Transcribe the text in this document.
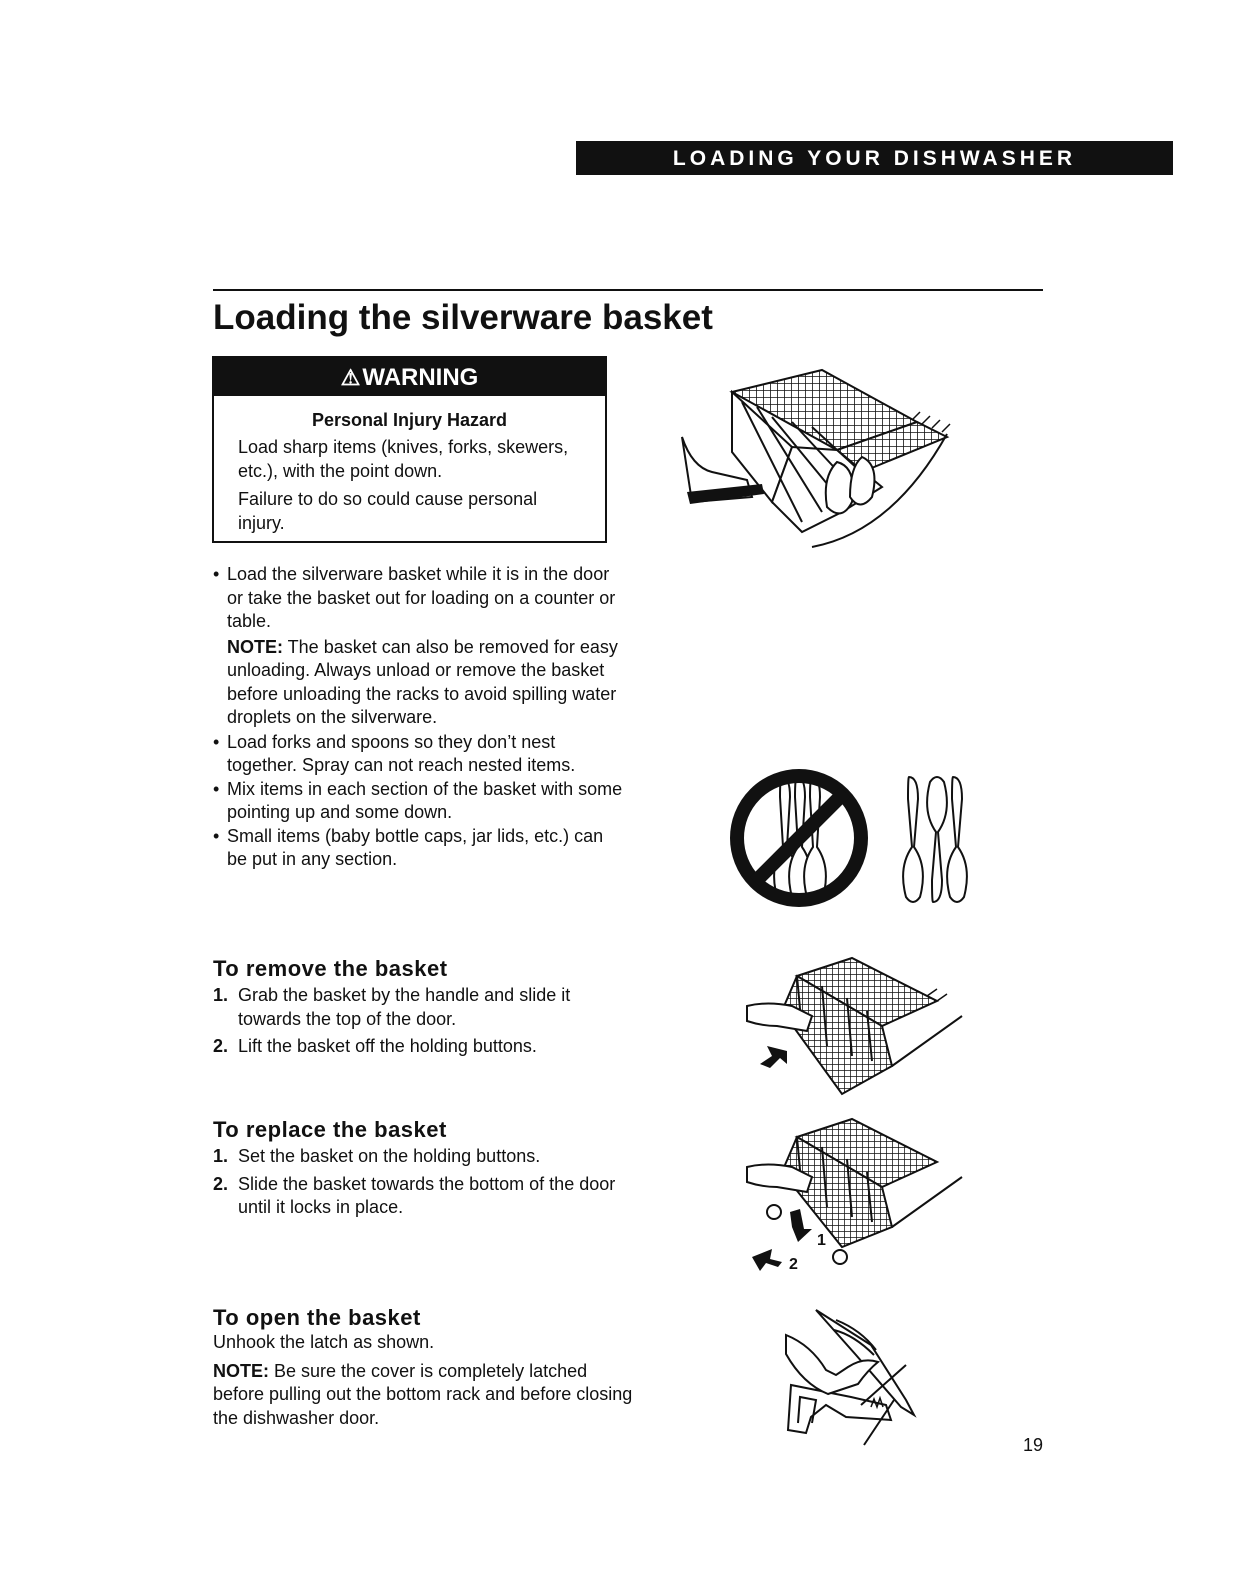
LOADING YOUR DISHWASHER
Loading the silverware basket
⚠WARNING
Personal Injury Hazard

Load sharp items (knives, forks, skewers, etc.), with the point down.

Failure to do so could cause personal injury.

• Load the silverware basket while it is in the door or take the basket out for loading on a counter or table.
NOTE: The basket can also be removed for easy unloading. Always unload or remove the basket before unloading the racks to avoid spilling water droplets on the silverware.
• Load forks and spoons so they don’t nest together. Spray can not reach nested items.
• Mix items in each section of the basket with some pointing up and some down.
• Small items (baby bottle caps, jar lids, etc.) can be put in any section.
To remove the basket
1. Grab the basket by the handle and slide it towards the top of the door.
2. Lift the basket off the holding buttons.
To replace the basket
1. Set the basket on the holding buttons.
2. Slide the basket towards the bottom of the door until it locks in place.
To open the basket

Unhook the latch as shown.

NOTE: Be sure the cover is completely latched before pulling out the bottom rack and before closing the dishwasher door.

1
2
19
